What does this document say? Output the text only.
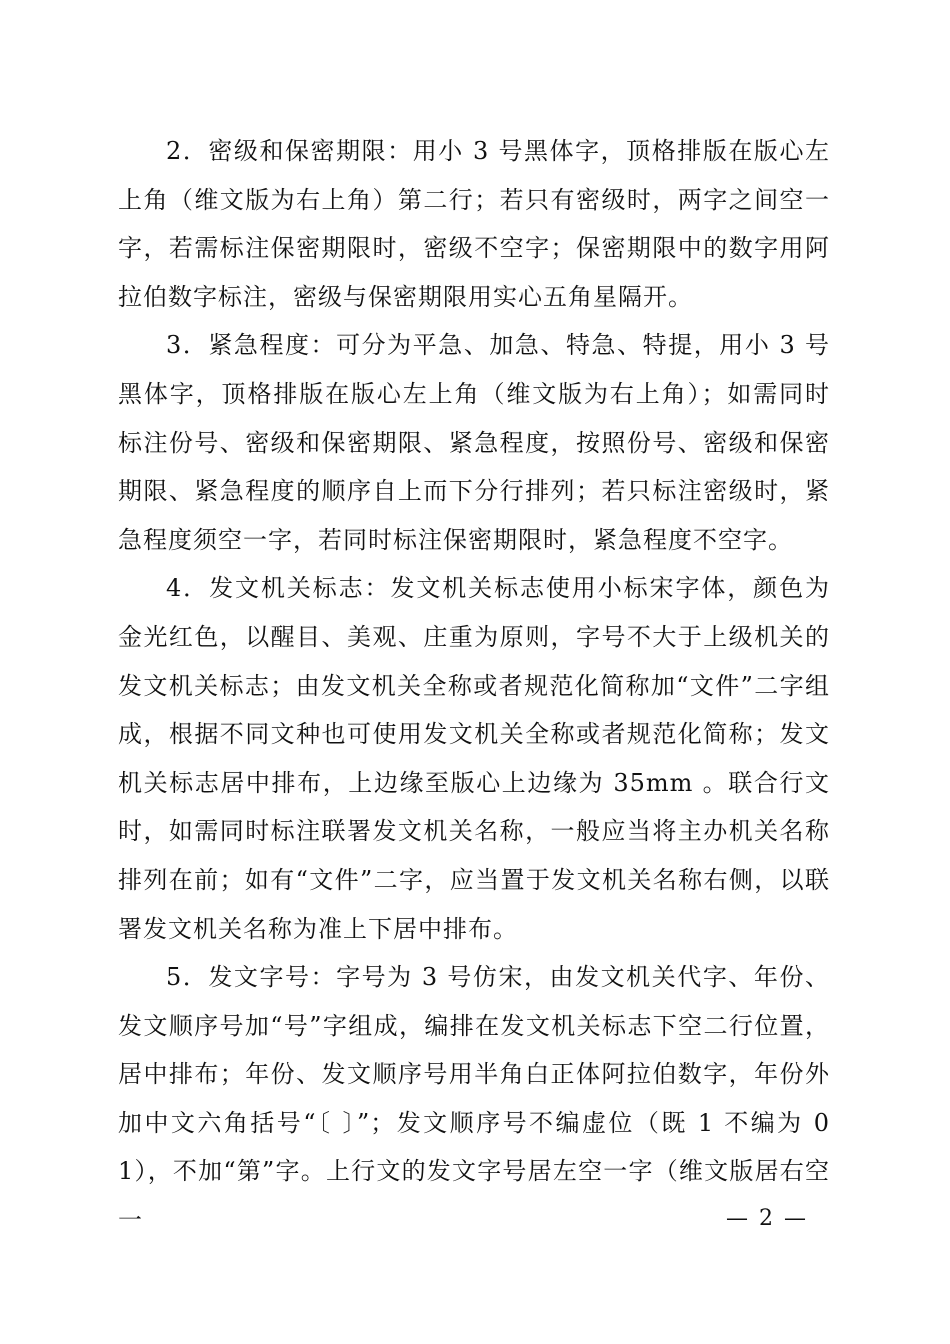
2．密级和保密期限：用小 3 号黑体字，顶格排版在版心左上角（维文版为右上角）第二行；若只有密级时，两字之间空一字，若需标注保密期限时，密级不空字；保密期限中的数字用阿拉伯数字标注，密级与保密期限用实心五角星隔开。

3．紧急程度：可分为平急、加急、特急、特提，用小 3 号黑体字，顶格排版在版心左上角（维文版为右上角）；如需同时标注份号、密级和保密期限、紧急程度，按照份号、密级和保密期限、紧急程度的顺序自上而下分行排列；若只标注密级时，紧急程度须空一字，若同时标注保密期限时，紧急程度不空字。

4．发文机关标志：发文机关标志使用小标宋字体，颜色为金光红色，以醒目、美观、庄重为原则，字号不大于上级机关的发文机关标志；由发文机关全称或者规范化简称加“文件”二字组成，根据不同文种也可使用发文机关全称或者规范化简称；发文机关标志居中排布，上边缘至版心上边缘为 35mm 。联合行文时，如需同时标注联署发文机关名称，一般应当将主办机关名称排列在前；如有“文件”二字，应当置于发文机关名称右侧，以联署发文机关名称为准上下居中排布。

5．发文字号：字号为 3 号仿宋，由发文机关代字、年份、发文顺序号加“号”字组成，编排在发文机关标志下空二行位置，居中排布；年份、发文顺序号用半角白正体阿拉伯数字，年份外加中文六角括号“〔 〕”；发文顺序号不编虚位（既 1 不编为 01），不加“第”字。上行文的发文字号居左空一字（维文版居右空一	— 2 —
